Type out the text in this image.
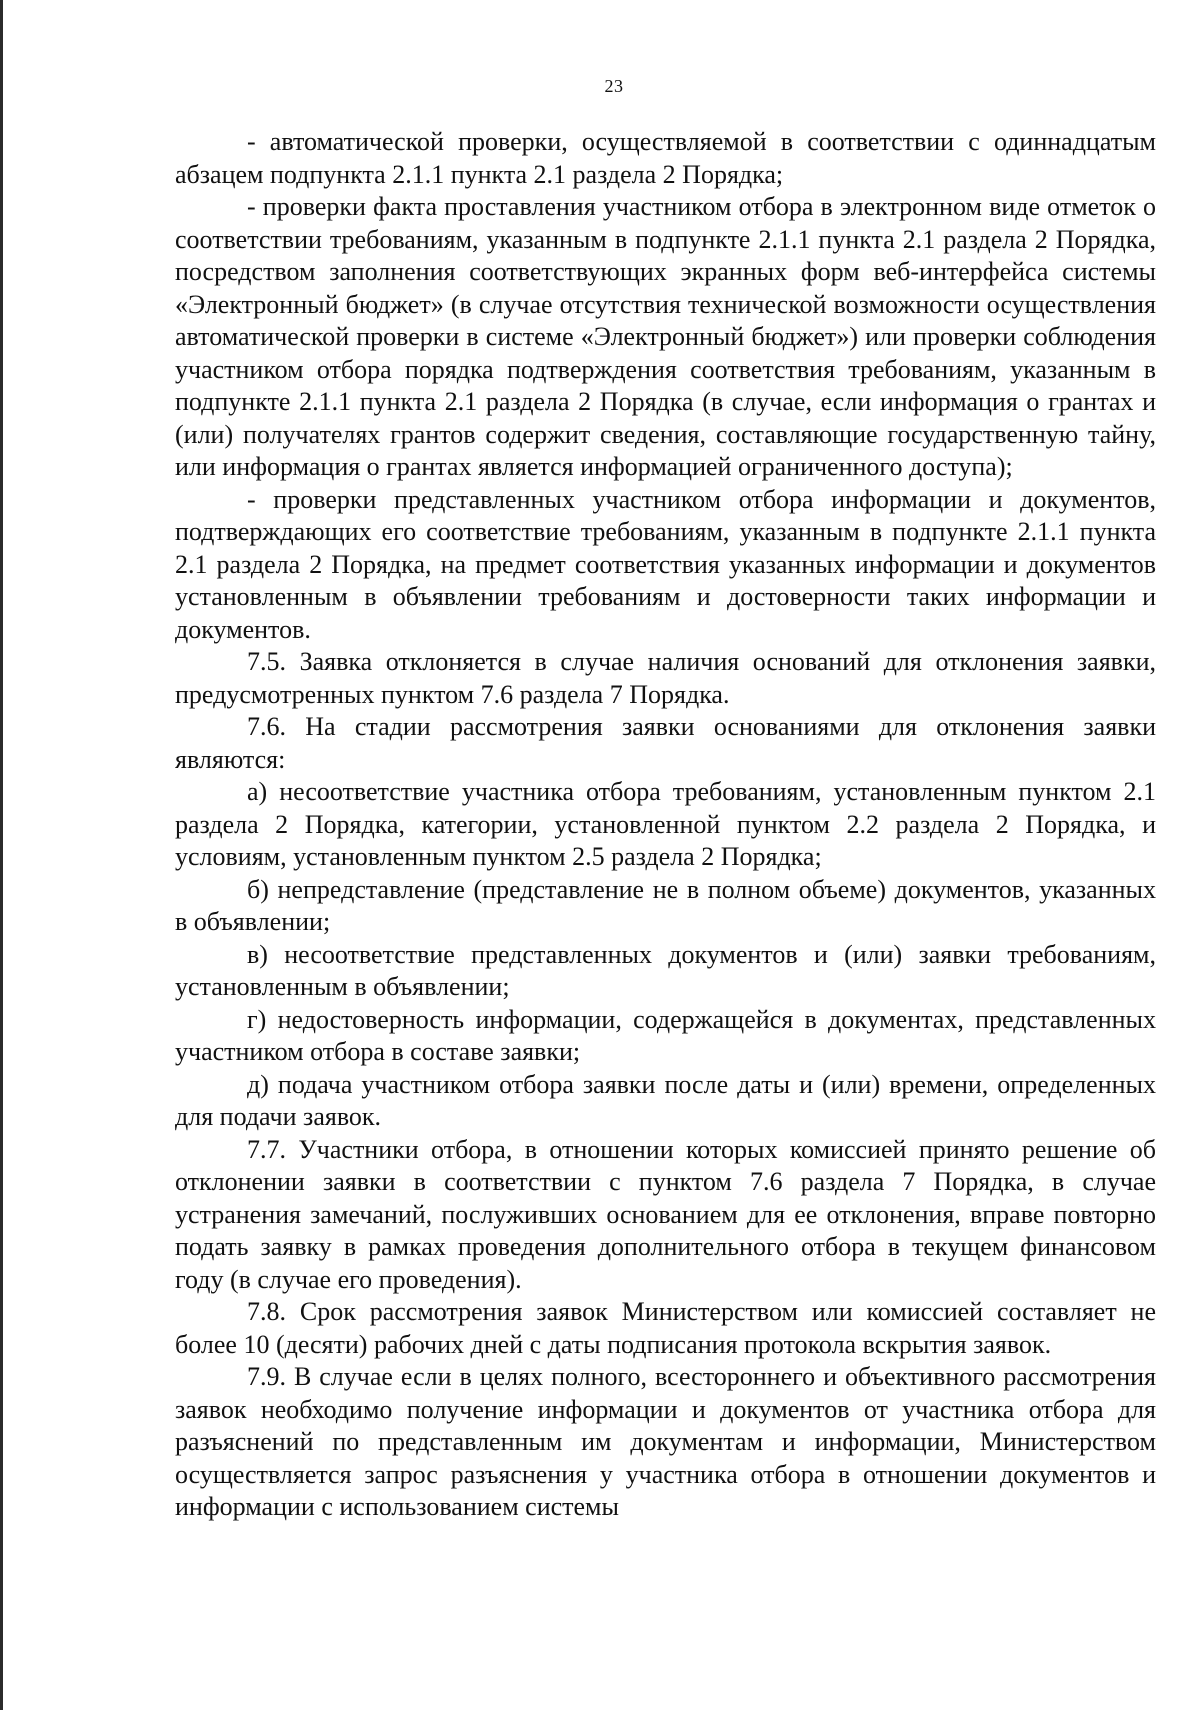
23

- автоматической проверки, осуществляемой в соответствии с одиннадцатым абзацем подпункта 2.1.1 пункта 2.1 раздела 2 Порядка;

- проверки факта проставления участником отбора в электронном виде отметок о соответствии требованиям, указанным в подпункте 2.1.1 пункта 2.1 раздела 2 Порядка, посредством заполнения соответствующих экранных форм веб-интерфейса системы «Электронный бюджет» (в случае отсутствия технической возможности осуществления автоматической проверки в системе «Электронный бюджет») или проверки соблюдения участником отбора порядка подтверждения соответствия требованиям, указанным в подпункте 2.1.1 пункта 2.1 раздела 2 Порядка (в случае, если информация о грантах и (или) получателях грантов содержит сведения, составляющие государственную тайну, или информация о грантах является информацией ограниченного доступа);

- проверки представленных участником отбора информации и документов, подтверждающих его соответствие требованиям, указанным в подпункте 2.1.1 пункта 2.1 раздела 2 Порядка, на предмет соответствия указанных информации и документов установленным в объявлении требованиям и достоверности таких информации и документов.

7.5. Заявка отклоняется в случае наличия оснований для отклонения заявки, предусмотренных пунктом 7.6 раздела 7 Порядка.

7.6. На стадии рассмотрения заявки основаниями для отклонения заявки являются:

а) несоответствие участника отбора требованиям, установленным пунктом 2.1 раздела 2 Порядка, категории, установленной пунктом 2.2 раздела 2 Порядка, и условиям, установленным пунктом 2.5 раздела 2 Порядка;

б) непредставление (представление не в полном объеме) документов, указанных в объявлении;

в) несоответствие представленных документов и (или) заявки требованиям, установленным в объявлении;

г) недостоверность информации, содержащейся в документах, представленных участником отбора в составе заявки;

д) подача участником отбора заявки после даты и (или) времени, определенных для подачи заявок.

7.7. Участники отбора, в отношении которых комиссией принято решение об отклонении заявки в соответствии с пунктом 7.6 раздела 7 Порядка, в случае устранения замечаний, послуживших основанием для ее отклонения, вправе повторно подать заявку в рамках проведения дополнительного отбора в текущем финансовом году (в случае его проведения).

7.8. Срок рассмотрения заявок Министерством или комиссией составляет не более 10 (десяти) рабочих дней с даты подписания протокола вскрытия заявок.

7.9. В случае если в целях полного, всестороннего и объективного рассмотрения заявок необходимо получение информации и документов от участника отбора для разъяснений по представленным им документам и информации, Министерством осуществляется запрос разъяснения у участника отбора в отношении документов и информации с использованием системы
